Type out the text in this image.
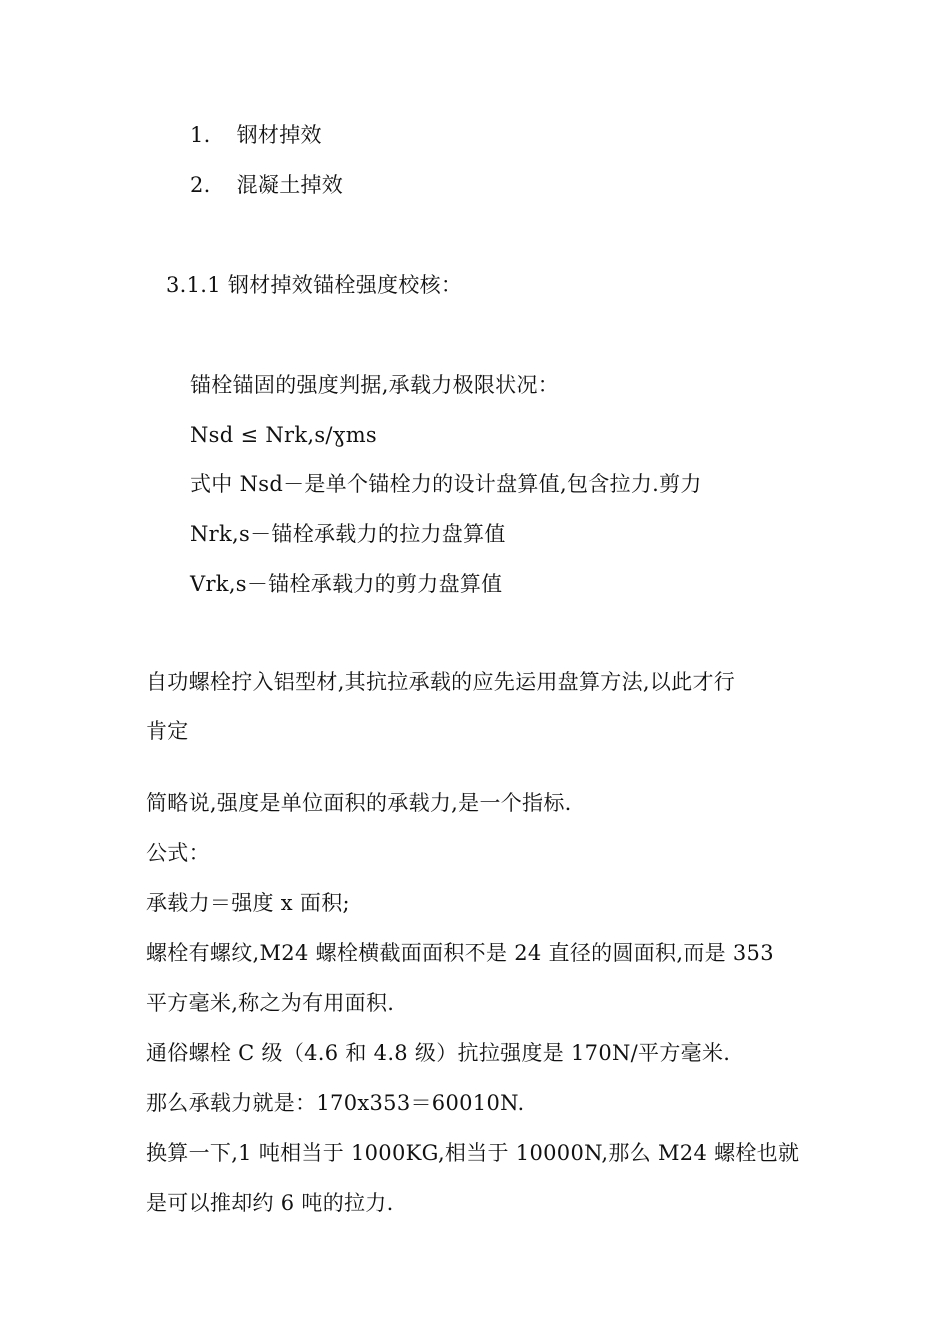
1. 钢材掉效
2. 混凝土掉效
3.1.1 钢材掉效锚栓强度校核：
锚栓锚固的强度判据,承载力极限状况：
Nsd ≤ Nrk,s/ɣms
式中 Nsd－是单个锚栓力的设计盘算值,包含拉力.剪力
Nrk,s－锚栓承载力的拉力盘算值
Vrk,s－锚栓承载力的剪力盘算值
自功螺栓拧入铝型材,其抗拉承载的应先运用盘算方法,以此才行
肯定
简略说,强度是单位面积的承载力,是一个指标.
公式：
承载力＝强度 x 面积;
螺栓有螺纹,M24 螺栓横截面面积不是 24 直径的圆面积,而是 353
平方毫米,称之为有用面积.
通俗螺栓 C 级（4.6 和 4.8 级）抗拉强度是 170N/平方毫米.
那么承载力就是：170x353＝60010N.
换算一下,1 吨相当于 1000KG,相当于 10000N,那么 M24 螺栓也就
是可以推却约 6 吨的拉力.
